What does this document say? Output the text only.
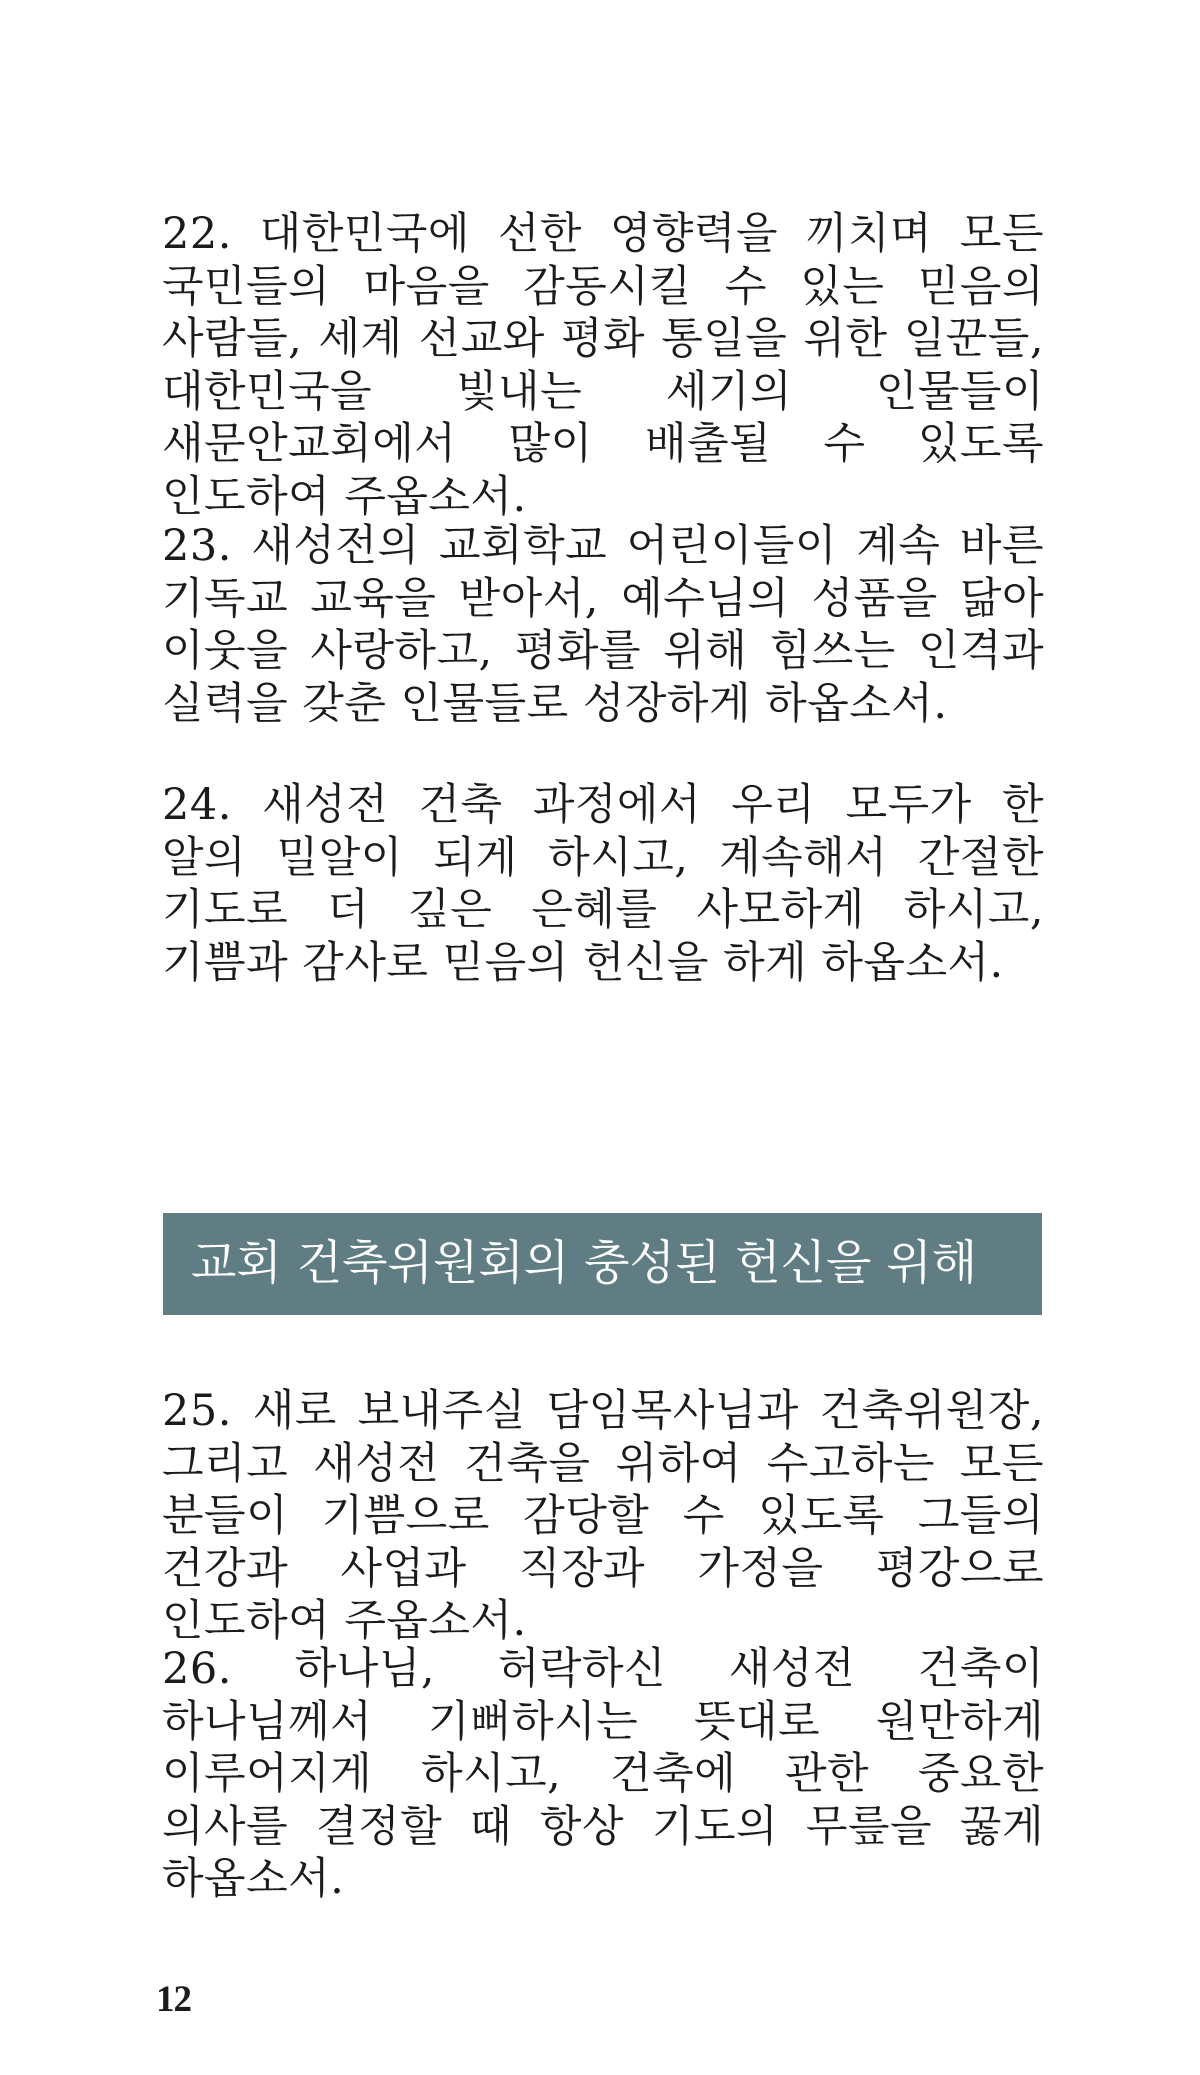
22. 대한민국에 선한 영향력을 끼치며 모든 국민들의 마음을 감동시킬 수 있는 믿음의 사람들, 세계 선교와 평화 통일을 위한 일꾼들, 대한민국을 빛내는 세기의 인물들이 새문안교회에서 많이 배출될 수 있도록 인도하여 주옵소서.

23. 새성전의 교회학교 어린이들이 계속 바른 기독교 교육을 받아서, 예수님의 성품을 닮아 이웃을 사랑하고, 평화를 위해 힘쓰는 인격과 실력을 갖춘 인물들로 성장하게 하옵소서.

24. 새성전 건축 과정에서 우리 모두가 한 알의 밀알이 되게 하시고, 계속해서 간절한 기도로 더 깊은 은혜를 사모하게 하시고, 기쁨과 감사로 믿음의 헌신을 하게 하옵소서.

교회 건축위원회의 충성된 헌신을 위해

25. 새로 보내주실 담임목사님과 건축위원장, 그리고 새성전 건축을 위하여 수고하는 모든 분들이 기쁨으로 감당할 수 있도록 그들의 건강과 사업과 직장과 가정을 평강으로 인도하여 주옵소서.

26. 하나님, 허락하신 새성전 건축이 하나님께서 기뻐하시는 뜻대로 원만하게 이루어지게 하시고, 건축에 관한 중요한 의사를 결정할 때 항상 기도의 무릎을 꿇게 하옵소서.

12
